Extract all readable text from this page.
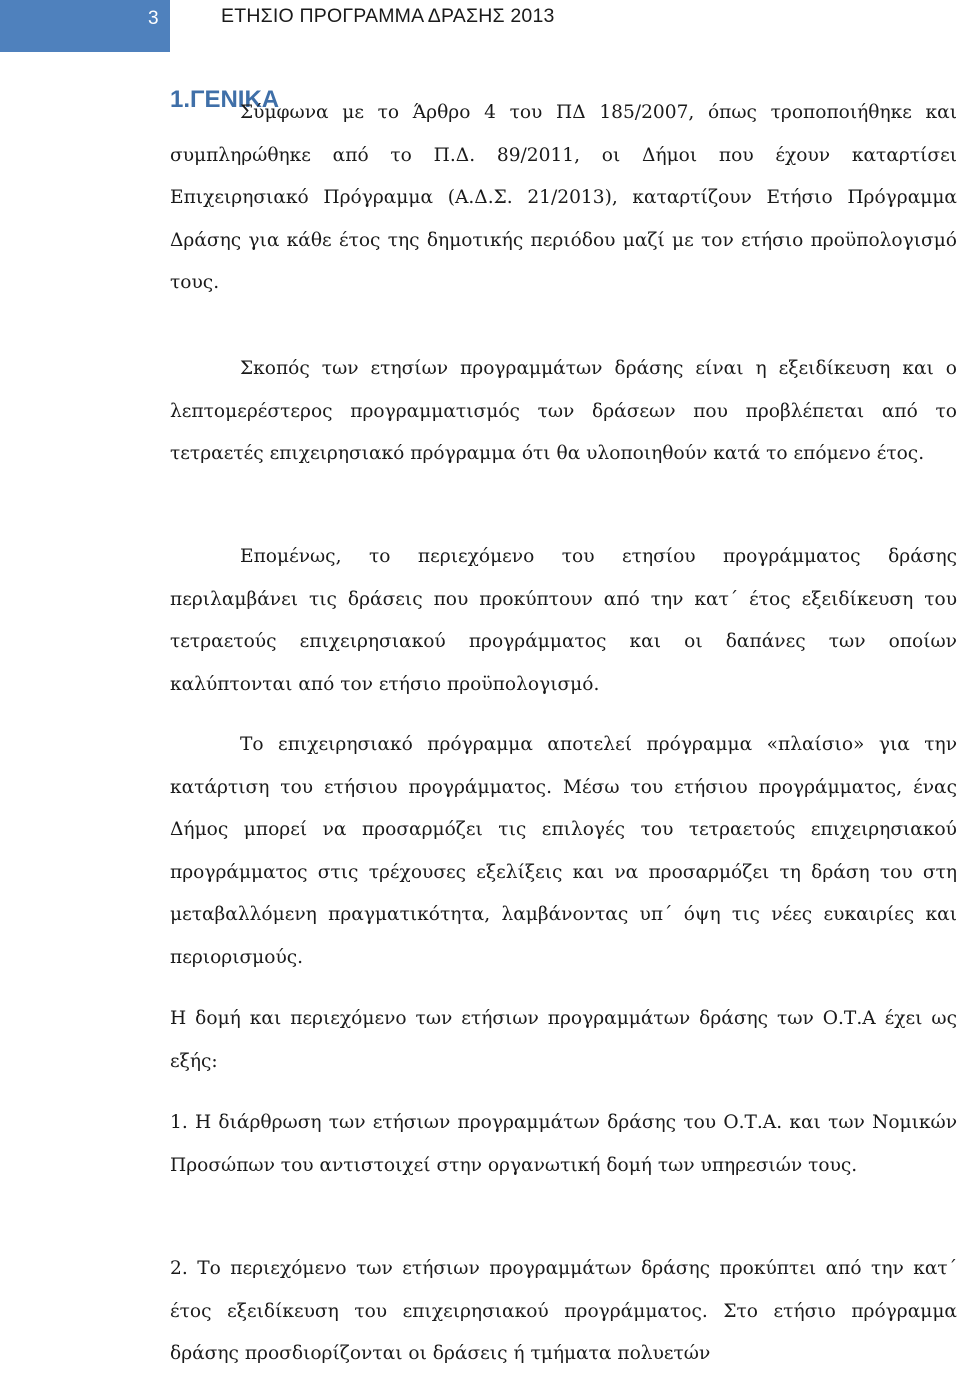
3	ΕΤΗΣΙΟ ΠΡΟΓΡΑΜΜΑ ΔΡΑΣΗΣ 2013
1.ΓΕΝΙΚΑ

Σύμφωνα με το Άρθρο 4 του ΠΔ 185/2007, όπως τροποποιήθηκε και συμπληρώθηκε από το Π.Δ. 89/2011, οι Δήμοι που έχουν καταρτίσει Επιχειρησιακό Πρόγραμμα (Α.Δ.Σ. 21/2013), καταρτίζουν Ετήσιο Πρόγραμμα Δράσης για κάθε έτος της δημοτικής περιόδου μαζί με τον ετήσιο προϋπολογισμό τους.

Σκοπός των ετησίων προγραμμάτων δράσης είναι η εξειδίκευση και ο λεπτομερέστερος προγραμματισμός των δράσεων που προβλέπεται από το τετραετές επιχειρησιακό πρόγραμμα ότι θα υλοποιηθούν κατά το επόμενο έτος.

Επομένως, το περιεχόμενο του ετησίου προγράμματος δράσης περιλαμβάνει τις δράσεις που προκύπτουν από την κατ΄ έτος εξειδίκευση του τετραετούς επιχειρησιακού προγράμματος και οι δαπάνες των οποίων καλύπτονται από τον ετήσιο προϋπολογισμό.

Το επιχειρησιακό πρόγραμμα αποτελεί πρόγραμμα «πλαίσιο» για την κατάρτιση του ετήσιου προγράμματος. Μέσω του ετήσιου προγράμματος, ένας Δήμος μπορεί να προσαρμόζει τις επιλογές του τετραετούς επιχειρησιακού προγράμματος στις τρέχουσες εξελίξεις και να προσαρμόζει τη δράση του στη μεταβαλλόμενη πραγματικότητα, λαμβάνοντας υπ΄ όψη τις νέες ευκαιρίες και περιορισμούς.

Η δομή και περιεχόμενο των ετήσιων προγραμμάτων δράσης των Ο.Τ.Α έχει ως εξής:

1. Η διάρθρωση των ετήσιων προγραμμάτων δράσης του Ο.Τ.Α. και των Νομικών Προσώπων του αντιστοιχεί στην οργανωτική δομή των υπηρεσιών τους.

2. Το περιεχόμενο των ετήσιων προγραμμάτων δράσης προκύπτει από την κατ΄ έτος εξειδίκευση του επιχειρησιακού προγράμματος. Στο ετήσιο πρόγραμμα δράσης προσδιορίζονται οι δράσεις ή τμήματα πολυετών
